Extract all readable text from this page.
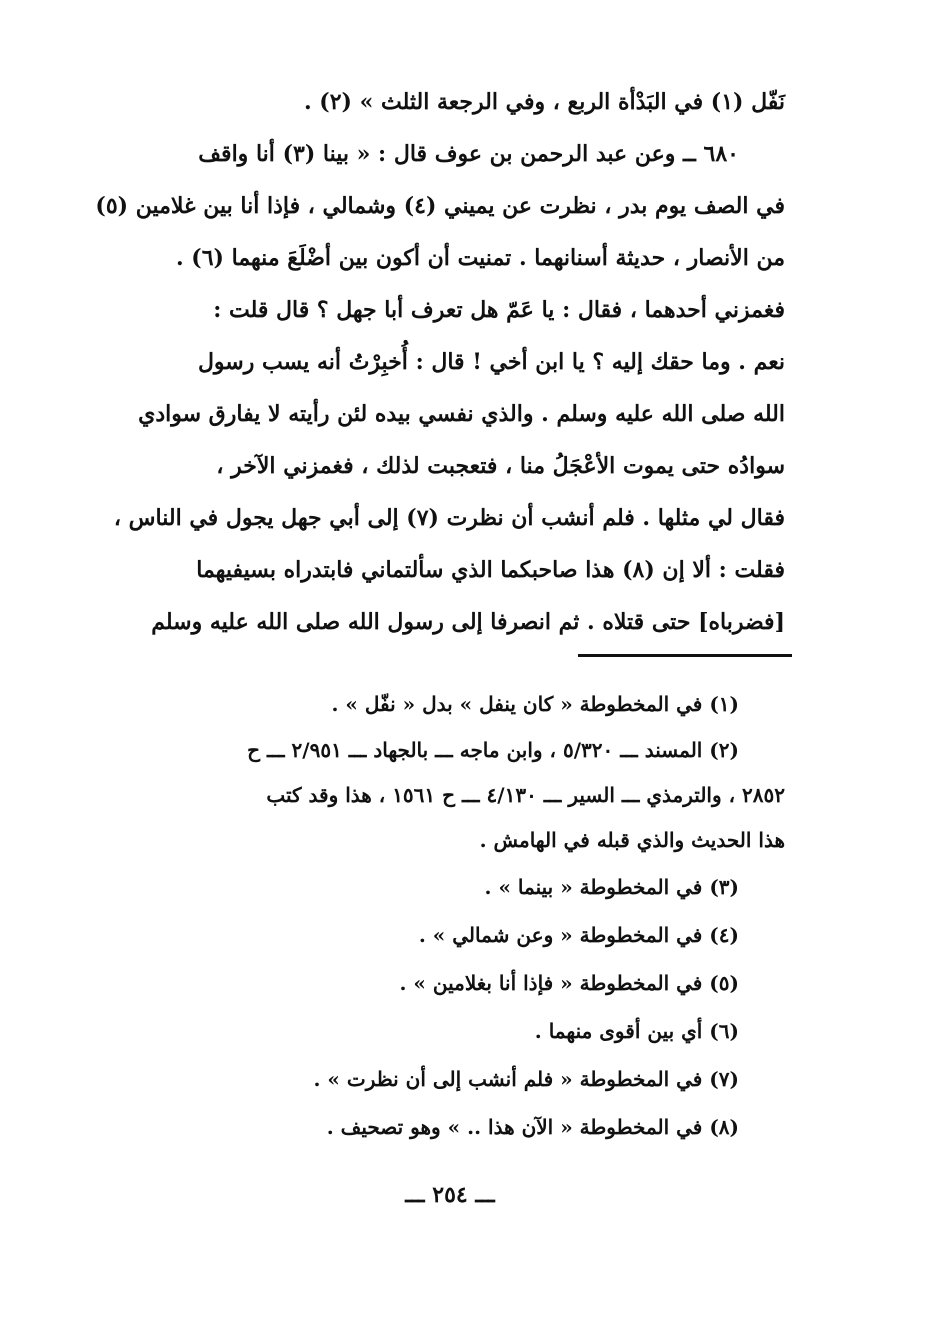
نَفّل (١) في البَدْأة الربع ، وفي الرجعة الثلث » (٢) .
٦٨٠ ــ وعن عبد الرحمن بن عوف قال : « بينا (٣) أنا واقف
في الصف يوم بدر ، نظرت عن يميني (٤) وشمالي ، فإذا أنا بين غلامين (٥)
من الأنصار ، حديثة أسنانهما . تمنيت أن أكون بين أضْلَعَ منهما (٦) .
فغمزني أحدهما ، فقال : يا عَمّ هل تعرف أبا جهل ؟ قال قلت :
نعم . وما حقك إليه ؟ يا ابن أخي ! قال : أُخبِرْتُ أنه يسب رسول
الله صلى الله عليه وسلم . والذي نفسي بيده لئن رأيته لا يفارق سوادي
سوادُه حتى يموت الأعْجَلُ منا ، فتعجبت لذلك ، فغمزني الآخر ،
فقال لي مثلها . فلم أنشب أن نظرت (٧) إلى أبي جهل يجول في الناس ،
فقلت : ألا إن (٨) هذا صاحبكما الذي سألتماني فابتدراه بسيفيهما
[فضرباه] حتى قتلاه . ثم انصرفا إلى رسول الله صلى الله عليه وسلم
(١) في المخطوطة « كان ينفل » بدل « نفّل » .
(٢) المسند ـــ ٥/٣٢٠ ، وابن ماجه ـــ بالجهاد ـــ ٢/٩٥١ ـــ ح
٢٨٥٢ ، والترمذي ـــ السير ـــ ٤/١٣٠ ـــ ح ١٥٦١ ، هذا وقد كتب
هذا الحديث والذي قبله في الهامش .
(٣) في المخطوطة « بينما » .
(٤) في المخطوطة « وعن شمالي » .
(٥) في المخطوطة « فإذا أنا بغلامين » .
(٦) أي بين أقوى منهما .
(٧) في المخطوطة « فلم أنشب إلى أن نظرت » .
(٨) في المخطوطة « الآن هذا .. » وهو تصحيف .
ـــ ٢٥٤ ـــ
